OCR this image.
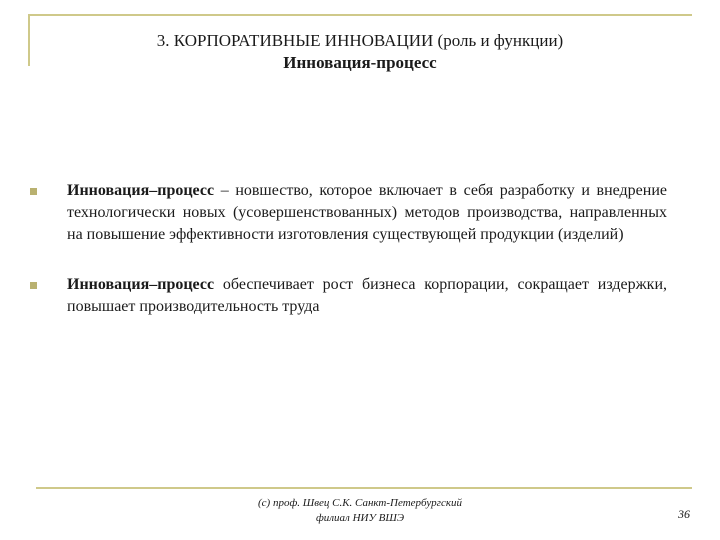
3. КОРПОРАТИВНЫЕ ИННОВАЦИИ (роль и функции)
Инновация-процесс
Инновация–процесс – новшество, которое включает в себя разработку и внедрение технологически новых (усовершенствованных) методов производства, направленных на повышение эффективности изготовления существующей продукции (изделий)
Инновация–процесс обеспечивает рост бизнеса корпорации, сокращает издержки, повышает производительность труда
(c) проф. Швец С.К. Санкт-Петербургский
филиал НИУ ВШЭ	36
